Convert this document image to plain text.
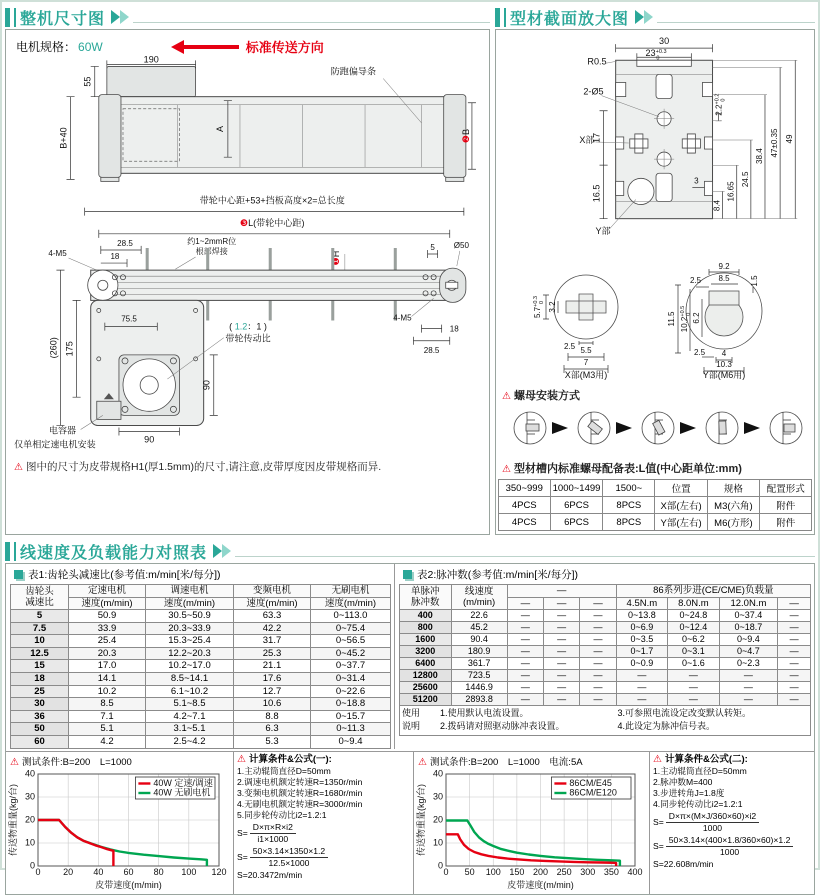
整机尺寸图
电机规格： 60W	标准传送方向
190
55
B+40	A
❷B
防跑偏导条
带轮中心距+53+挡板高度×2=总长度
❸L(带轮中心距)
28.5
18
4-M5
约1~2mmR位
根部焊接
❶H
5 Ø50
(260) 175
75.5
( 1.2：1 )
带轮传动比
90
90
电容器
仅单相定速电机安装
4-M5
18
28.5
⚠ 图中的尺寸为皮带规格H1(厚1.5mm)的尺寸,请注意,皮带厚度因皮带规格而异.
型材截面放大图
30
$23^{+0.3}$ 0
R0.5
2-Ø5
X部
Y部
17
16.5
$2.2^{+0.2}0$
3
8.4
16.65
24.5
38.4 47±0.35 49

$5.7^{+0.3}0$ 3.2
2.5 5.5
7
X部(M3用)
9.2
8.5
2.5	1.5
11.5 $10.2^{+0.5}0$ 6.2
2.5 4
10.3
Y部(M6用)
⚠ 螺母安装方式
⚠ 型材槽内标准螺母配备表:L值(中心距单位:mm)
350~999	1000~1499	1500~	位置	规格	配置形式
4PCS	6PCS	8PCS	X部(左右)	M3(六角)	附件
4PCS	6PCS	8PCS	Y部(左右)	M6(方形)	附件
线速度及负载能力对照表
表1:齿轮头减速比(参考值:m/min[米/每分])
齿轮头
减速比	定速电机	调速电机	变频电机	无刷电机
	速度(m/min)	速度(m/min)	速度(m/min)	速度(m/min)
5	50.9	30.5~50.9	63.3	0~113.0
7.5	33.9	20.3~33.9	42.2	0~75.4
10	25.4	15.3~25.4	31.7	0~56.5
12.5	20.3	12.2~20.3	25.3	0~45.2
15	17.0	10.2~17.0	21.1	0~37.7
18	14.1	8.5~14.1	17.6	0~31.4
25	10.2	6.1~10.2	12.7	0~22.6
30	8.5	5.1~8.5	10.6	0~18.8
36	7.1	4.2~7.1	8.8	0~15.7
50	5.1	3.1~5.1	6.3	0~11.3
60	4.2	2.5~4.2	5.3	0~9.4
表2:脉冲数(参考值:m/min[米/每分])
单脉冲
脉冲数	线速度
(m/min)	—			86系列步进(CE/CME)负载量			
		—	—	—	4.5N.m	8.0N.m	12.0N.m	—
400	22.6	—	—	—	0~13.8	0~24.8	0~37.4	—
800	45.2	—	—	—	0~6.9	0~12.4	0~18.7	—
1600	90.4	—	—	—	0~3.5	0~6.2	0~9.4	—
3200	180.9	—	—	—	0~1.7	0~3.1	0~4.7	—
6400	361.7	—	—	—	0~0.9	0~1.6	0~2.3	—
12800	723.5	—	—	—	—	—	—	—
25600	1446.9	—	—	—	—	—	—	—
51200	2893.8	—	—	—	—	—	—	—
使用	1.使用默认电流设置。	3.可参照电流设定改变默认转矩。
说明	2.拨码请对照驱动脉冲表设置。	4.此设定为脉冲信号表。
⚠ 测试条件:B=200　L=1000
0	20 40 60 80 100 120
0
10
20
30
40
40W 定速/调速
40W 无刷电机
皮带速度(m/min)
传送物重量(kg/台)
⚠ 计算条件&公式(一):
1.主动辊筒直径D=50mm
2.调速电机额定转速R=1350r/min
3.变频电机额定转速R=1680r/min
4.无刷电机额定转速R=3000r/min
5.同步轮传动比i2=1.2:1
$S= \frac{D\times\pi\times R\times i2}{i1\times 1000}$
$S= \frac{50\times 3.14\times 1350\times 1.2}{12.5\times 1000}$
S=20.3472m/min
⚠ 测试条件:B=200　L=1000　电流:5A
0 50 100 150 200 250 300 350 400
0
10
20
30
40
86CM/E45
86CM/E120
皮带速度(m/min)
传送物重量(kg/台)
⚠ 计算条件&公式(二):
1.主动辊筒直径D=50mm
2.脉冲数M=400
3.步进转角J=1.8度
4.同步轮传动比i2=1.2:1
$S= \frac{D\times\pi\times(M\times J/360\times 60)\times i2}{1000}$
$S= \frac{50\times 3.14\times(400\times 1.8/360\times 60)\times 1.2}{1000}$
S=22.608m/min
